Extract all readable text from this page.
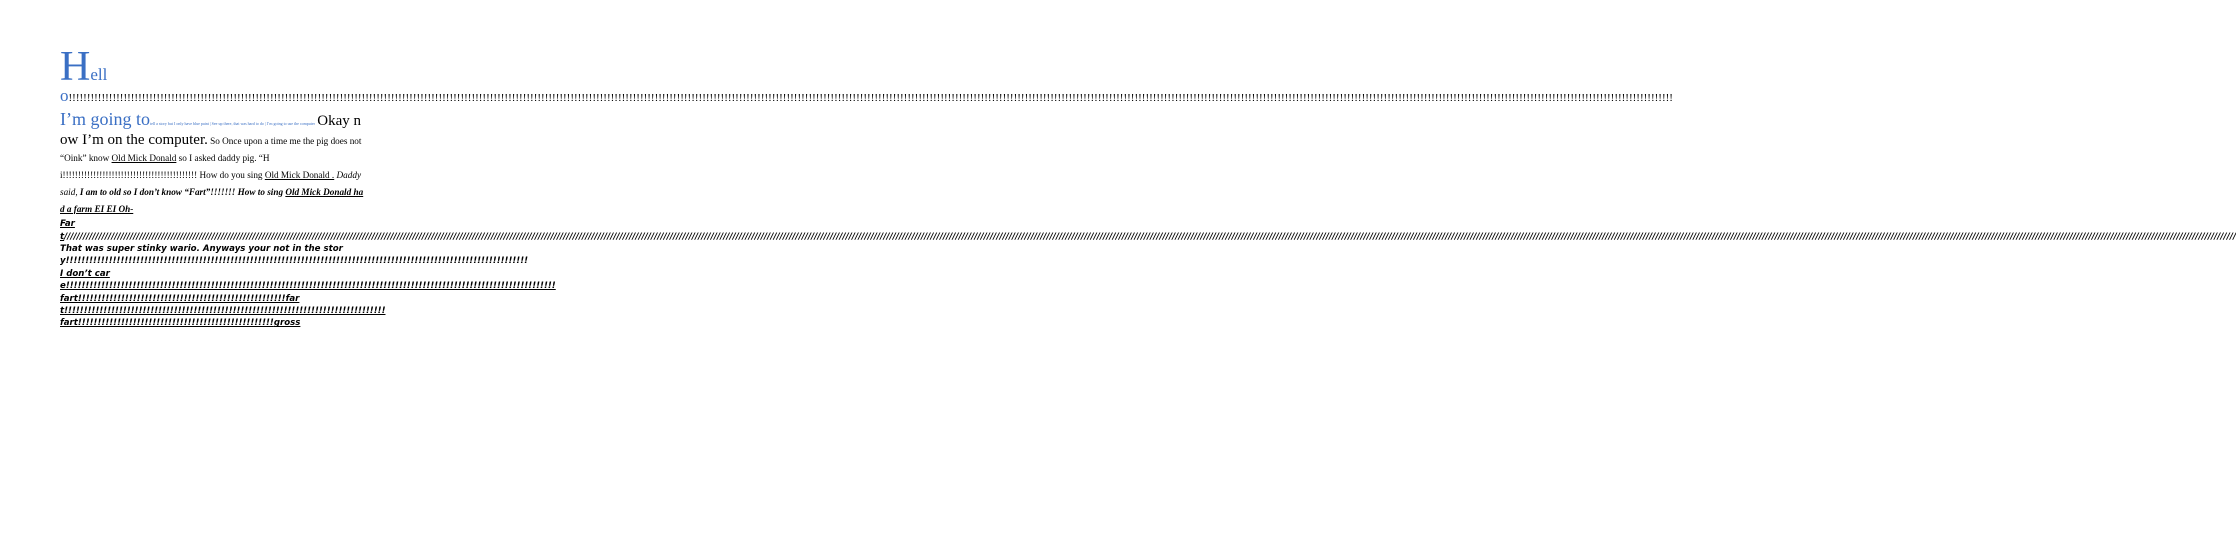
Hello!!!!!!!!!!!!!!!!!!!!!!!!!!!!!!!!!!!!!!!!!!!!!!!!!!!!!!!!!!!!!!!!!!!!!!!!!!!!!!!!!!!!!!!!!!!!!!!!!!!!!!!!!!!!!!!!!!!!!!!!!!!!!!!!!!!!!!!!!!!!!!!!!!!!!!!!!!!!!!!!!!!!!!!!!!!!!!!!!!!!!!!!!!!!!!!!!!!!!!!!!!!!!!!!!!!!!!!!!!!!!!!!!!!!!!!!!!!!!!!!!!!!!!!!!!!!!!!!!!!!!!!!!!!!!!!!!!!!!!!!!!!!!!!!!!!!!!!!!!!!!!!!!!!!!!!!!!!!!!!!!!!!!!!!!!!!!!!!!!!!!!!!!!!!!!!!!!!!!!!!!!!!!!!!!!!!!!!!!!!!!!!!!!!!!!!!!!!!!!!!!!!!!!!!!!!!!!!!!!!!!!!!!!!!!!!!!!!!!!

I’m going totell a story but I only have blue paint | See up there, that was hard to do | I’m going to use the computer Okay now I’m on the computer. So Once upon a time me the pig does not “Oink” know Old Mick Donald so I asked daddy pig. “Hi!!!!!!!!!!!!!!!!!!!!!!!!!!!!!!!!!!!!!!!!!!!! How do you sing Old Mick Donald . Daddy said, I am to old so I don’t know “Fart”!!!!!!! How to sing Old Mick Donald had a farm EI EI Oh-

Fart//////////////////////////////////////////////////////////////////////////////////////////////////////////////////////////////////////////////////////////////////////////////////////////////////////////////////////////////////////////////////////////////////////////////////////////////////////////////////////////////////////////////////////////////////////////////////////////////////////////////////////////////////////////////////////////////////////////////////////////////////////////////////////////////////////////////////////////////////////////////////////////////////////////////////////////////////////////////////////////////////////////////////////////////////////////////////// That was super stinky wario. Anyways your not in the story!!!!!!!!!!!!!!!!!!!!!!!!!!!!!!!!!!!!!!!!!!!!!!!!!!!!!!!!!!!!!!!!!!!!!!!!!!!!!!!!!!!!!!!!!!!!!!!!!!!!!!!!!!!!!!!!!!!!!! I don’t care!!!!!!!!!!!!!!!!!!!!!!!!!!!!!!!!!!!!!!!!!!!!!!!!!!!!!!!!!!!!!!!!!!!!!!!!!!!!!!!!!!!!!!!!!!!!!!!!!!!!!!!!!!!!!!!!!!!!!!!!!!!!!fart!!!!!!!!!!!!!!!!!!!!!!!!!!!!!!!!!!!!!!!!!!!!!!!!!!!!!fart!!!!!!!!!!!!!!!!!!!!!!!!!!!!!!!!!!!!!!!!!!!!!!!!!!!!!!!!!!!!!!!!!!!!!!!!!!!!!!!!!!fart!!!!!!!!!!!!!!!!!!!!!!!!!!!!!!!!!!!!!!!!!!!!!!!!!!gross
